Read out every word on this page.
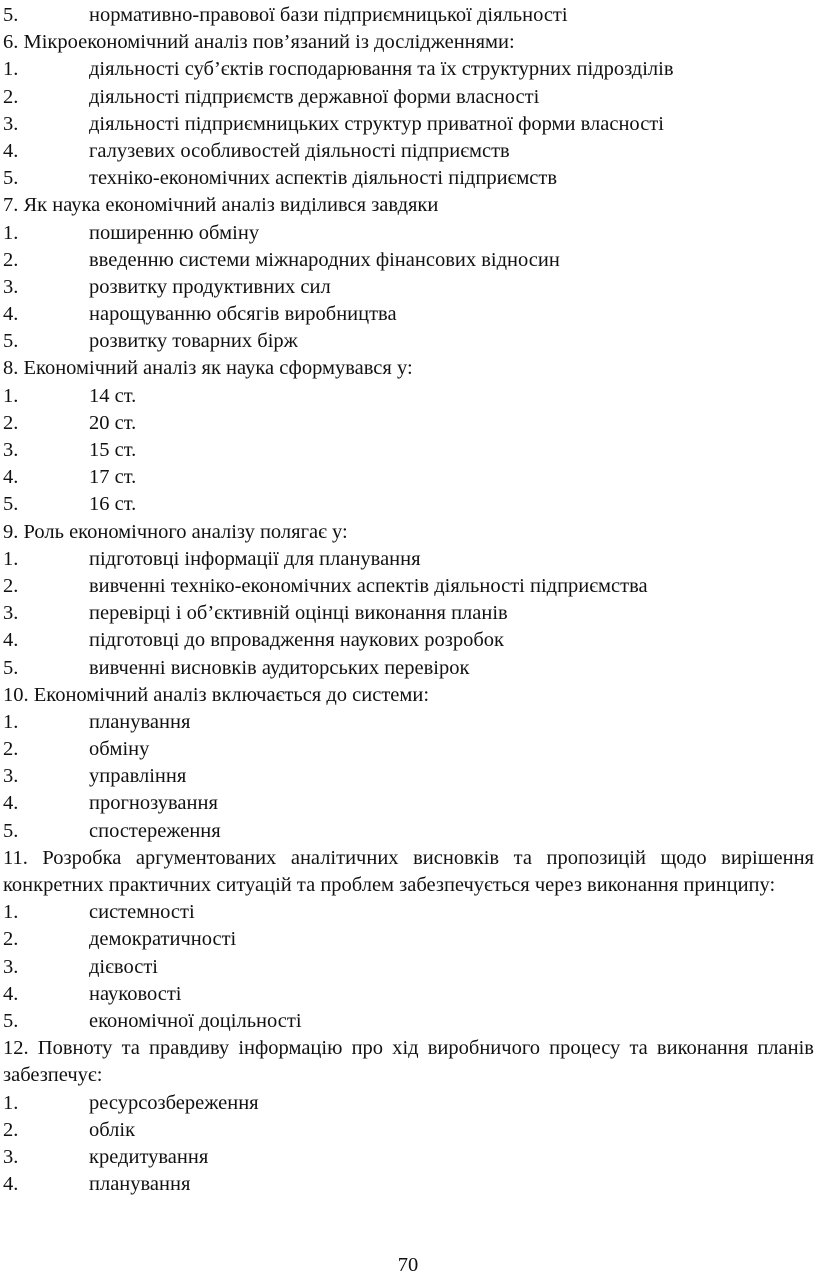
5.	нормативно-правової бази підприємницької діяльності
6. Мікроекономічний аналіз пов’язаний із дослідженнями:
1.	діяльності суб’єктів господарювання та їх структурних підрозділів
2.	діяльності підприємств державної форми власності
3.	діяльності підприємницьких структур приватної форми власності
4.	галузевих особливостей діяльності підприємств
5.	техніко-економічних аспектів діяльності підприємств
7. Як наука економічний аналіз виділився завдяки
1.	поширенню обміну
2.	введенню системи міжнародних фінансових відносин
3.	розвитку продуктивних сил
4.	нарощуванню обсягів виробництва
5.	розвитку товарних бірж
8. Економічний аналіз як наука сформувався у:
1.	14 ст.
2.	20 ст.
3.	15 ст.
4.	17 ст.
5.	16 ст.
9. Роль економічного аналізу полягає у:
1.	підготовці інформації для планування
2.	вивченні техніко-економічних аспектів діяльності підприємства
3.	перевірці і об’єктивній оцінці виконання планів
4.	підготовці до впровадження наукових розробок
5.	вивченні висновків аудиторських перевірок
10. Економічний аналіз включається до системи:
1.	планування
2.	обміну
3.	управління
4.	прогнозування
5.	спостереження
11. Розробка аргументованих аналітичних висновків та пропозицій щодо вирішення конкретних практичних ситуацій та проблем забезпечується через виконання принципу:
1.	системності
2.	демократичності
3.	дієвості
4.	науковості
5.	економічної доцільності
12. Повноту та правдиву інформацію про хід виробничого процесу та виконання планів забезпечує:
1.	ресурсозбереження
2.	облік
3.	кредитування
4.	планування
70
